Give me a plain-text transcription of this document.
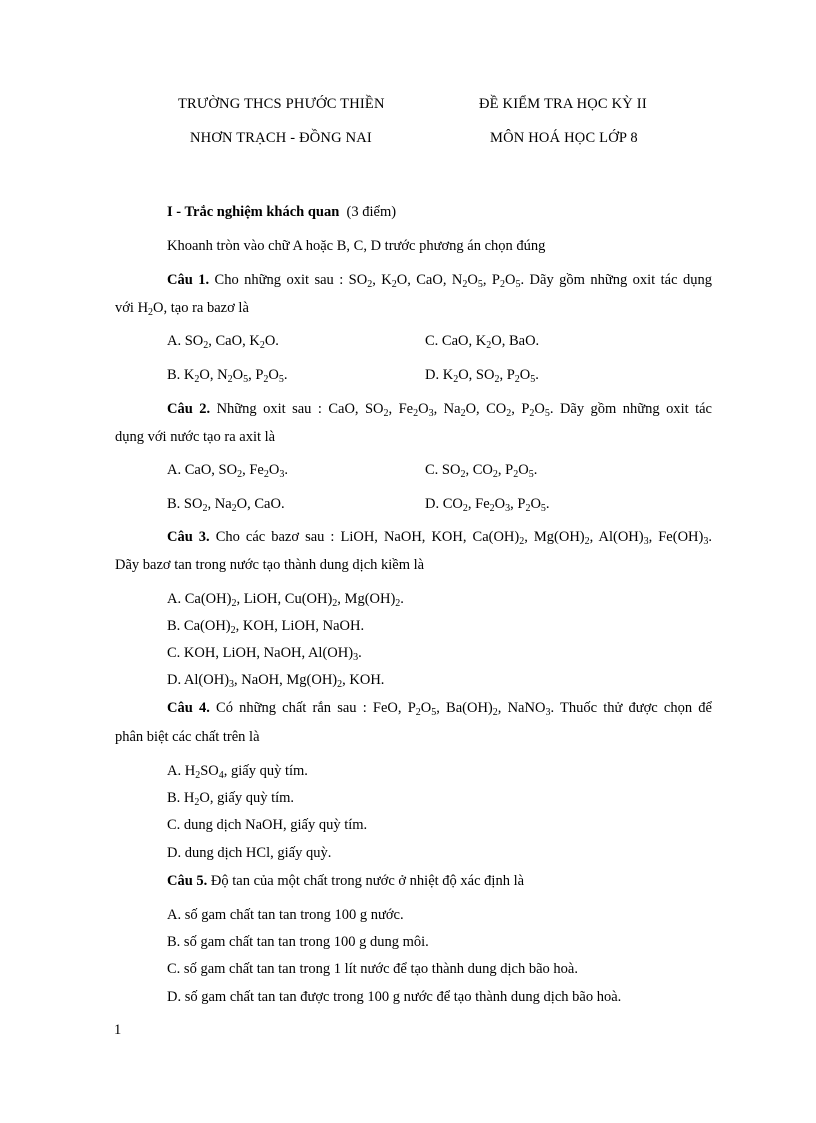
TRƯỜNG THCS PHƯỚC THIỀN	ĐỀ KIỂM TRA HỌC KỲ II
NHƠN TRẠCH - ĐỒNG NAI	MÔN HOÁ HỌC LỚP 8
I - Trắc nghiệm khách quan (3 điểm)
Khoanh tròn vào chữ A hoặc B, C, D trước phương án chọn đúng
Câu 1. Cho những oxit sau : $SO_2$, $K_2O$, CaO, $N_2O_5$, $P_2O_5$. Dãy gồm những oxit tác dụng
với $H_2O$, tạo ra bazơ là
A. $SO_2$, CaO, $K_2O$.	C. CaO, $K_2O$, BaO.
B. $K_2O$, $N_2O_5$, $P_2O_5$.	D. $K_2O$, $SO_2$, $P_2O_5$.
Câu 2. Những oxit sau : CaO, $SO_2$, $Fe_2O_3$, $Na_2O$, $CO_2$, $P_2O_5$. Dãy gồm những oxit tác
dụng với nước tạo ra axit là
A. CaO, $SO_2$, $Fe_2O_3$.	C. $SO_2$, $CO_2$, $P_2O_5$.
B. $SO_2$, $Na_2O$, CaO.	D. $CO_2$, $Fe_2O_3$, $P_2O_5$.
Câu 3. Cho các bazơ sau : LiOH, NaOH, KOH, $Ca(OH)_2$, $Mg(OH)_2$, $Al(OH)_3$, $Fe(OH)_3$.
Dãy bazơ tan trong nước tạo thành dung dịch kiềm là
A. $Ca(OH)_2$, LiOH, $Cu(OH)_2$, $Mg(OH)_2$.
B. $Ca(OH)_2$, KOH, LiOH, NaOH.
C. KOH, LiOH, NaOH, $Al(OH)_3$.
D. $Al(OH)_3$, NaOH, $Mg(OH)_2$, KOH.
Câu 4. Có những chất rắn sau : FeO, $P_2O_5$, $Ba(OH)_2$, NaNO$_3$. Thuốc thử được chọn để
phân biệt các chất trên là
A. $H_2SO_4$, giấy quỳ tím.
B. $H_2O$, giấy quỳ tím.
C. dung dịch NaOH, giấy quỳ tím.
D. dung dịch HCl, giấy quỳ.
Câu 5. Độ tan của một chất trong nước ở nhiệt độ xác định là
A. số gam chất tan tan trong 100 g nước.
B. số gam chất tan tan trong 100 g dung môi.
C. số gam chất tan tan trong 1 lít nước để tạo thành dung dịch bão hoà.
D. số gam chất tan tan được trong 100 g nước để tạo thành dung dịch bão hoà.
1
